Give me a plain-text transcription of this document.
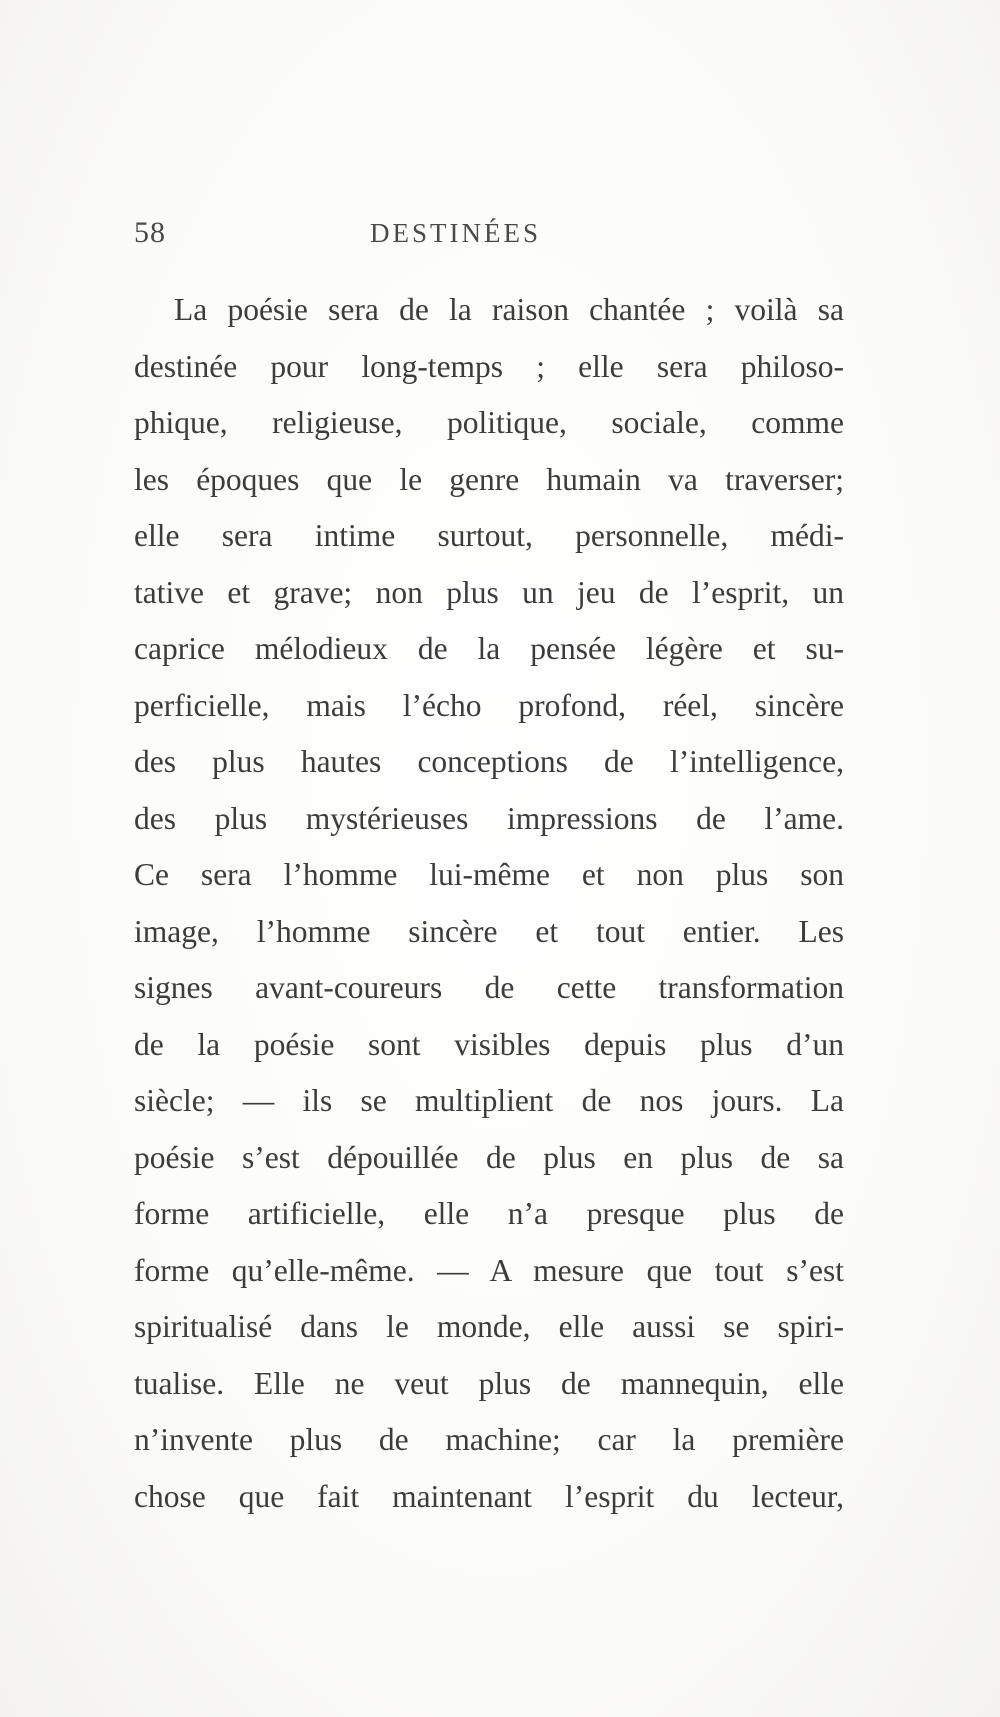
58	DESTINÉES
La poésie sera de la raison chantée ; voilà sa
destinée pour long-temps ; elle sera philoso-
phique, religieuse, politique, sociale, comme
les époques que le genre humain va traverser;
elle sera intime surtout, personnelle, médi-
tative et grave; non plus un jeu de l’esprit, un
caprice mélodieux de la pensée légère et su-
perficielle, mais l’écho profond, réel, sincère
des plus hautes conceptions de l’intelligence,
des plus mystérieuses impressions de l’ame.
Ce sera l’homme lui-même et non plus son
image, l’homme sincère et tout entier. Les
signes avant-coureurs de cette transformation
de la poésie sont visibles depuis plus d’un
siècle; — ils se multiplient de nos jours. La
poésie s’est dépouillée de plus en plus de sa
forme artificielle, elle n’a presque plus de
forme qu’elle-même. — A mesure que tout s’est
spiritualisé dans le monde, elle aussi se spiri-
tualise. Elle ne veut plus de mannequin, elle
n’invente plus de machine; car la première
chose que fait maintenant l’esprit du lecteur,
